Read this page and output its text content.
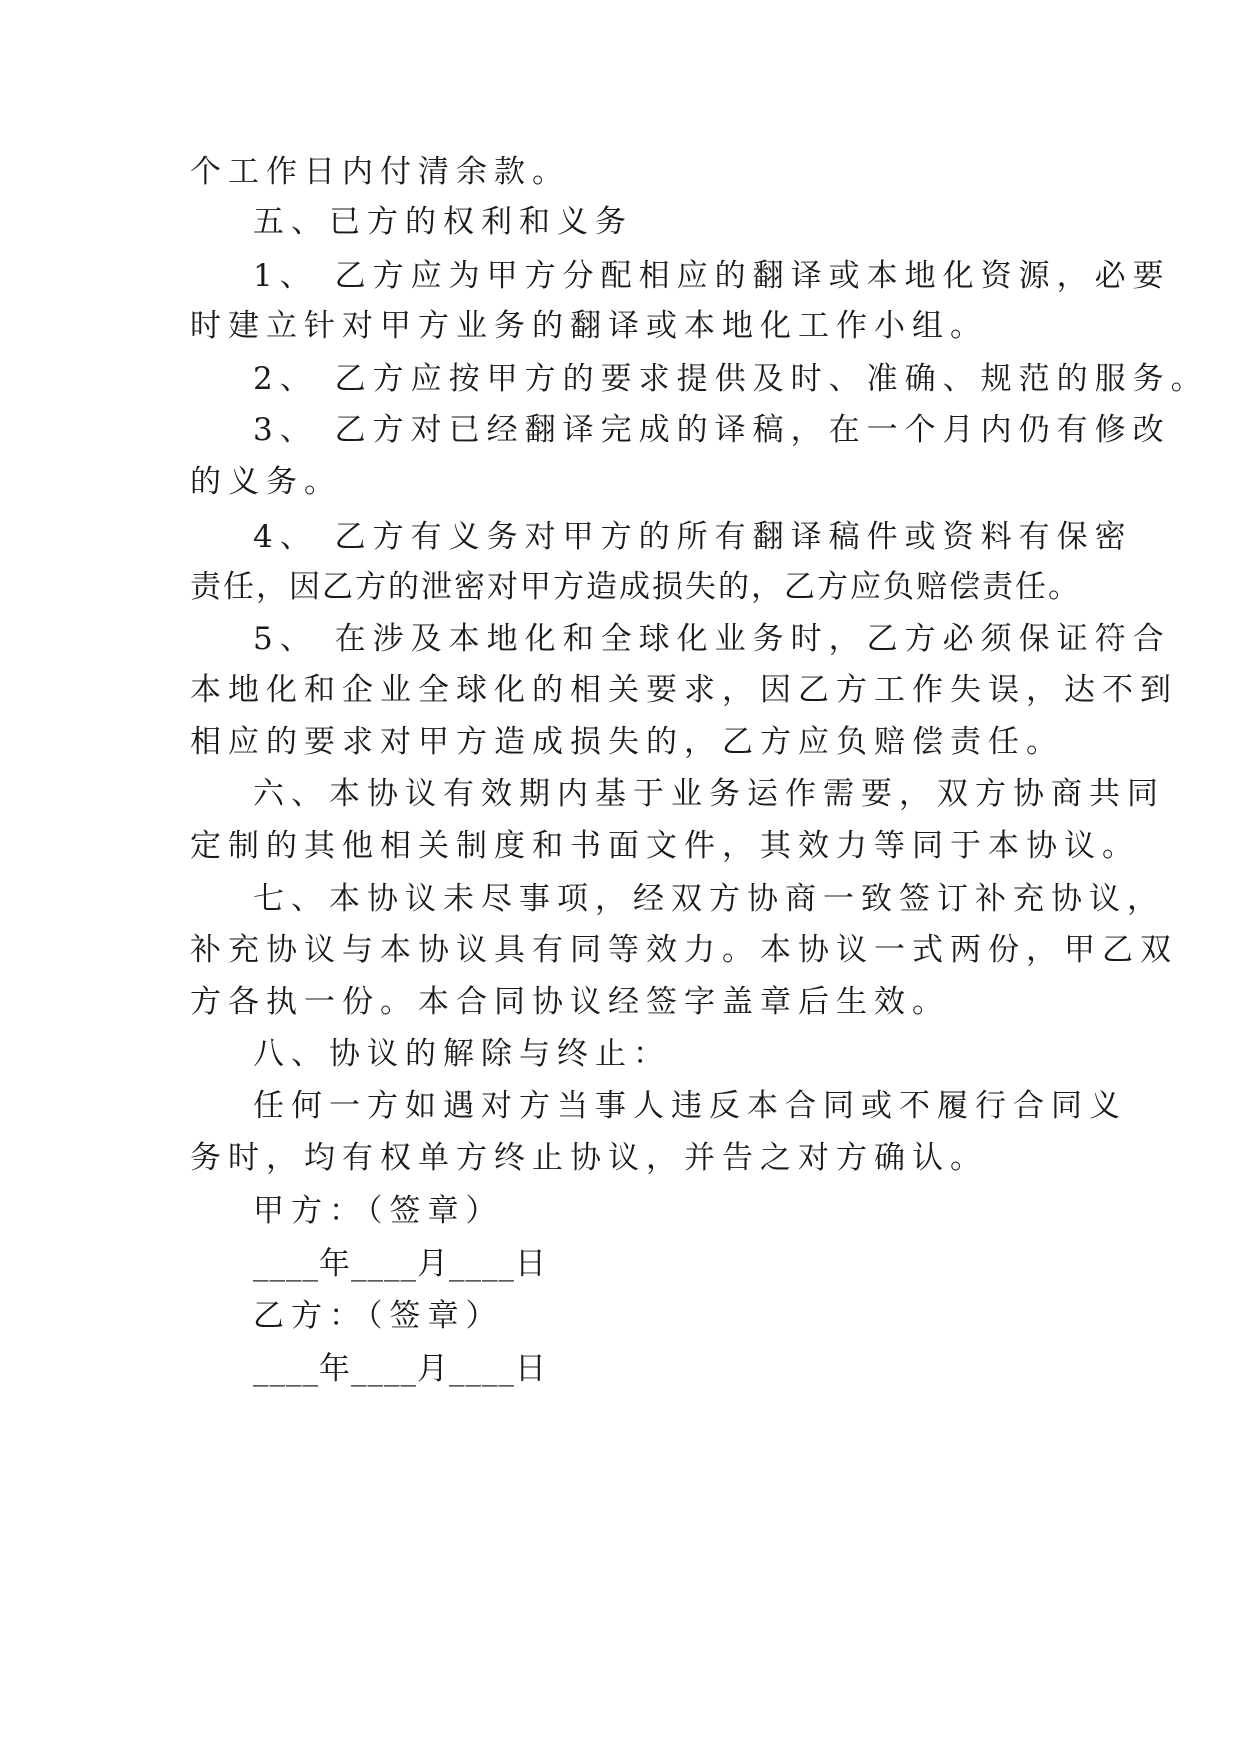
个工作日内付清余款。
五、已方的权利和义务
1、 乙方应为甲方分配相应的翻译或本地化资源，必要
时建立针对甲方业务的翻译或本地化工作小组。
2、 乙方应按甲方的要求提供及时、准确、规范的服务。
3、 乙方对已经翻译完成的译稿，在一个月内仍有修改
的义务。
4、 乙方有义务对甲方的所有翻译稿件或资料有保密
责任，因乙方的泄密对甲方造成损失的，乙方应负赔偿责任。
5、 在涉及本地化和全球化业务时，乙方必须保证符合
本地化和企业全球化的相关要求，因乙方工作失误，达不到
相应的要求对甲方造成损失的，乙方应负赔偿责任。
六、本协议有效期内基于业务运作需要，双方协商共同
定制的其他相关制度和书面文件，其效力等同于本协议。
七、本协议未尽事项，经双方协商一致签订补充协议，
补充协议与本协议具有同等效力。本协议一式两份，甲乙双
方各执一份。本合同协议经签字盖章后生效。
八、协议的解除与终止：
任何一方如遇对方当事人违反本合同或不履行合同义
务时，均有权单方终止协议，并告之对方确认。
甲方：（签章）
____年____月____日
乙方：（签章）
____年____月____日
